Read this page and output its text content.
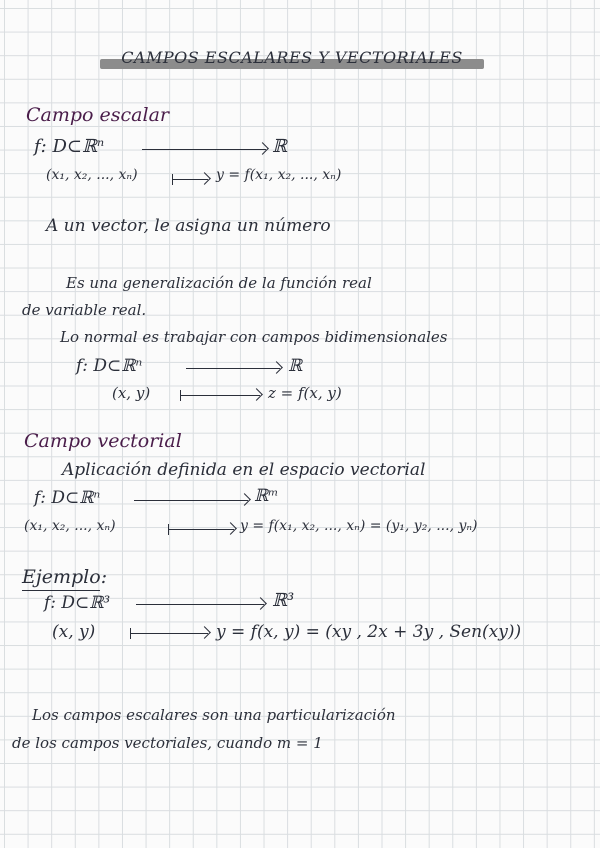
CAMPOS ESCALARES Y VECTORIALES
Campo escalar
f: D⊂ℝⁿ	ℝ
(x₁, x₂, ..., xₙ)	y = f(x₁, x₂, ..., xₙ)
A un vector, le asigna un número
Es una generalización de la función real
de variable real.
Lo normal es trabajar con campos bidimensionales
f: D⊂ℝⁿ	ℝ
(x, y)	z = f(x, y)
Campo vectorial
Aplicación definida en el espacio vectorial
f: D⊂ℝⁿ	ℝᵐ
(x₁, x₂, ..., xₙ)	y = f(x₁, x₂, ..., xₙ) = (y₁, y₂, ..., yₙ)
Ejemplo:
f: D⊂ℝ³	ℝ³
(x, y)	y = f(x, y) = (xy , 2x + 3y , Sen(xy))
Los campos escalares son una particularización
de los campos vectoriales, cuando m = 1
